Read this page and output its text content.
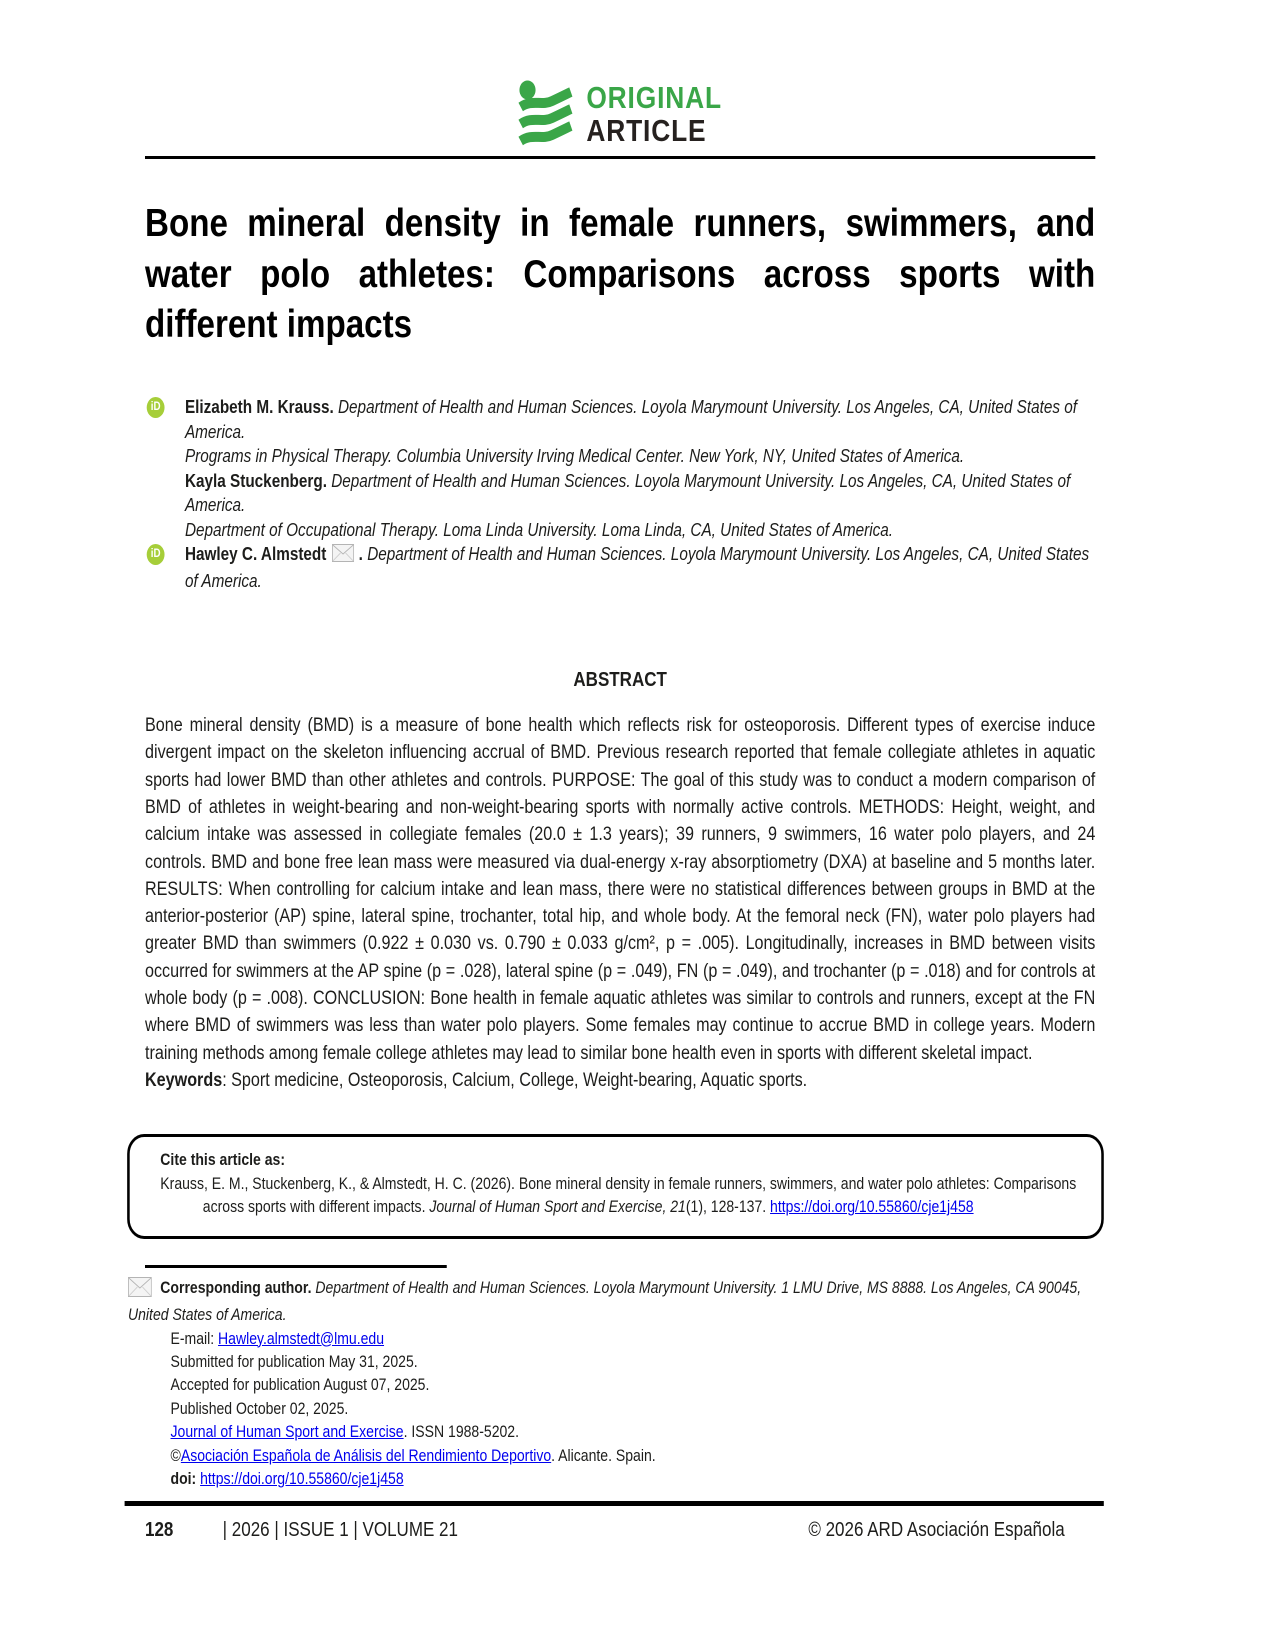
ORIGINAL
ARTICLE
Bone mineral density in female runners, swimmers, and water polo athletes: Comparisons across sports with different impacts
iD Elizabeth M. Krauss. Department of Health and Human Sciences. Loyola Marymount University. Los Angeles, CA, United States of America.

Programs in Physical Therapy. Columbia University Irving Medical Center. New York, NY, United States of America.

Kayla Stuckenberg. Department of Health and Human Sciences. Loyola Marymount University. Los Angeles, CA, United States of America.

Department of Occupational Therapy. Loma Linda University. Loma Linda, CA, United States of America.

iD Hawley C. Almstedt . Department of Health and Human Sciences. Loyola Marymount University. Los Angeles, CA, United States of America.

ABSTRACT

Bone mineral density (BMD) is a measure of bone health which reflects risk for osteoporosis. Different types of exercise induce divergent impact on the skeleton influencing accrual of BMD. Previous research reported that female collegiate athletes in aquatic sports had lower BMD than other athletes and controls. PURPOSE: The goal of this study was to conduct a modern comparison of BMD of athletes in weight-bearing and non-weight-bearing sports with normally active controls. METHODS: Height, weight, and calcium intake was assessed in collegiate females (20.0 ± 1.3 years); 39 runners, 9 swimmers, 16 water polo players, and 24 controls. BMD and bone free lean mass were measured via dual-energy x-ray absorptiometry (DXA) at baseline and 5 months later. RESULTS: When controlling for calcium intake and lean mass, there were no statistical differences between groups in BMD at the anterior-posterior (AP) spine, lateral spine, trochanter, total hip, and whole body. At the femoral neck (FN), water polo players had greater BMD than swimmers (0.922 ± 0.030 vs. 0.790 ± 0.033 g/cm², p = .005). Longitudinally, increases in BMD between visits occurred for swimmers at the AP spine (p = .028), lateral spine (p = .049), FN (p = .049), and trochanter (p = .018) and for controls at whole body (p = .008). CONCLUSION: Bone health in female aquatic athletes was similar to controls and runners, except at the FN where BMD of swimmers was less than water polo players. Some females may continue to accrue BMD in college years. Modern training methods among female college athletes may lead to similar bone health even in sports with different skeletal impact.

Keywords: Sport medicine, Osteoporosis, Calcium, College, Weight-bearing, Aquatic sports.

Cite this article as:

Krauss, E. M., Stuckenberg, K., & Almstedt, H. C. (2026). Bone mineral density in female runners, swimmers, and water polo athletes: Comparisons across sports with different impacts. Journal of Human Sport and Exercise, 21(1), 128-137. https://doi.org/10.55860/cje1j458

Corresponding author. Department of Health and Human Sciences. Loyola Marymount University. 1 LMU Drive, MS 8888. Los Angeles, CA 90045, United States of America.

E-mail: Hawley.almstedt@lmu.edu

Submitted for publication May 31, 2025.

Accepted for publication August 07, 2025.

Published October 02, 2025.

Journal of Human Sport and Exercise. ISSN 1988-5202.

©Asociación Española de Análisis del Rendimiento Deportivo. Alicante. Spain.

doi: https://doi.org/10.55860/cje1j458

128 | 2026 | ISSUE 1 | VOLUME 21	© 2026 ARD Asociación Española
